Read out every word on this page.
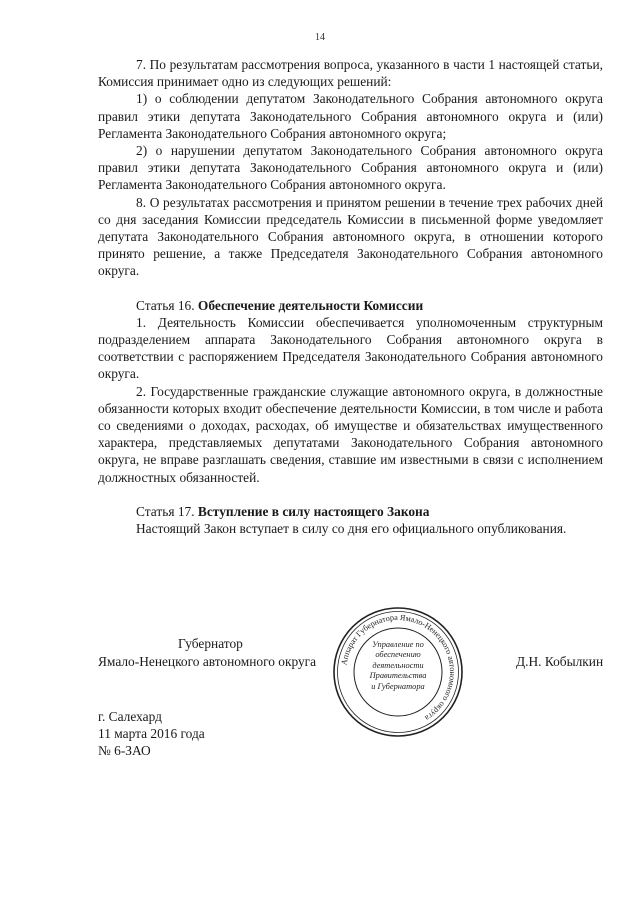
14

7. По результатам рассмотрения вопроса, указанного в части 1 настоящей статьи, Комиссия принимает одно из следующих решений:

1) о соблюдении депутатом Законодательного Собрания автономного округа правил этики депутата Законодательного Собрания автономного округа и (или) Регламента Законодательного Собрания автономного округа;

2) о нарушении депутатом Законодательного Собрания автономного округа правил этики депутата Законодательного Собрания автономного округа и (или) Регламента Законодательного Собрания автономного округа.

8. О результатах рассмотрения и принятом решении в течение трех рабочих дней со дня заседания Комиссии председатель Комиссии в письменной форме уведомляет депутата Законодательного Собрания автономного округа, в отношении которого принято решение, а также Председателя Законодательного Собрания автономного округа.

Статья 16. Обеспечение деятельности Комиссии

1. Деятельность Комиссии обеспечивается уполномоченным структурным подразделением аппарата Законодательного Собрания автономного округа в соответствии с распоряжением Председателя Законодательного Собрания автономного округа.

2. Государственные гражданские служащие автономного округа, в должностные обязанности которых входит обеспечение деятельности Комиссии, в том числе и работа со сведениями о доходах, расходах, об имуществе и обязательствах имущественного характера, представляемых депутатами Законодательного Собрания автономного округа, не вправе разглашать сведения, ставшие им известными в связи с исполнением должностных обязанностей.

Статья 17. Вступление в силу настоящего Закона

Настоящий Закон вступает в силу со дня его официального опубликования.

Губернатор
Ямало-Ненецкого автономного округа	Д.Н. Кобылкин
Аппарат Губернатора Ямало-Ненецкого автономного округа
Управление по
обеспечению
деятельности
Правительства
и Губернатора
г. Салехард
11 марта 2016 года
№ 6-ЗАО
